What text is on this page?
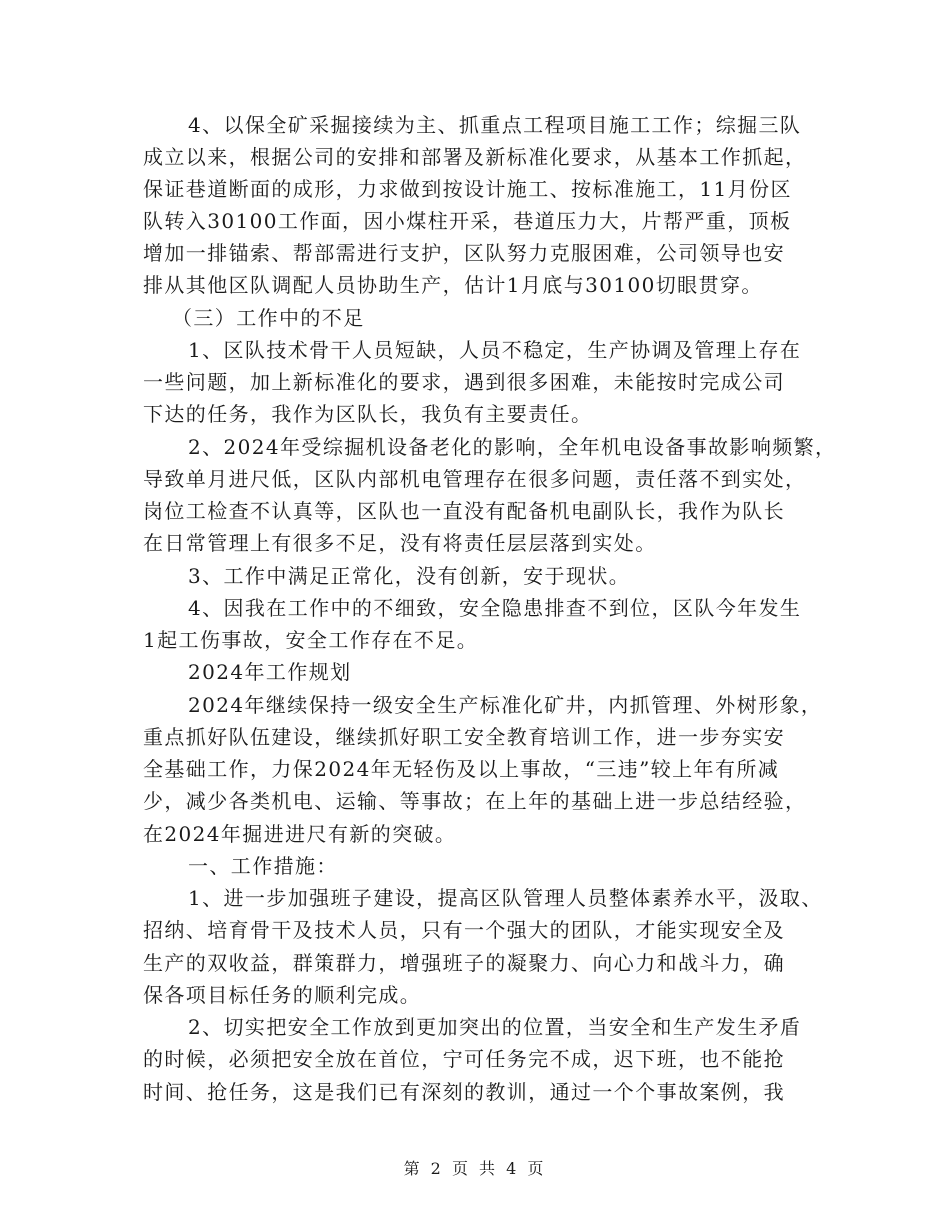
4、以保全矿采掘接续为主、抓重点工程项目施工工作；综掘三队

成立以来，根据公司的安排和部署及新标准化要求，从基本工作抓起，

保证巷道断面的成形，力求做到按设计施工、按标准施工，11月份区

队转入30100工作面，因小煤柱开采，巷道压力大，片帮严重，顶板

增加一排锚索、帮部需进行支护，区队努力克服困难，公司领导也安

排从其他区队调配人员协助生产，估计1月底与30100切眼贯穿。

（三）工作中的不足

1、区队技术骨干人员短缺，人员不稳定，生产协调及管理上存在

一些问题，加上新标准化的要求，遇到很多困难，未能按时完成公司

下达的任务，我作为区队长，我负有主要责任。

2、2024年受综掘机设备老化的影响，全年机电设备事故影响频繁，

导致单月进尺低，区队内部机电管理存在很多问题，责任落不到实处，

岗位工检查不认真等，区队也一直没有配备机电副队长，我作为队长

在日常管理上有很多不足，没有将责任层层落到实处。

3、工作中满足正常化，没有创新，安于现状。

4、因我在工作中的不细致，安全隐患排查不到位，区队今年发生

1起工伤事故，安全工作存在不足。

2024年工作规划

2024年继续保持一级安全生产标准化矿井，内抓管理、外树形象，

重点抓好队伍建设，继续抓好职工安全教育培训工作，进一步夯实安

全基础工作，力保2024年无轻伤及以上事故，“三违”较上年有所减

少，减少各类机电、运输、等事故；在上年的基础上进一步总结经验，

在2024年掘进进尺有新的突破。

一、工作措施：

1、进一步加强班子建设，提高区队管理人员整体素养水平，汲取、

招纳、培育骨干及技术人员，只有一个强大的团队，才能实现安全及

生产的双收益，群策群力，增强班子的凝聚力、向心力和战斗力，确

保各项目标任务的顺利完成。

2、切实把安全工作放到更加突出的位置，当安全和生产发生矛盾

的时候，必须把安全放在首位，宁可任务完不成，迟下班，也不能抢

时间、抢任务，这是我们已有深刻的教训，通过一个个事故案例，我

第 2 页 共 4 页
